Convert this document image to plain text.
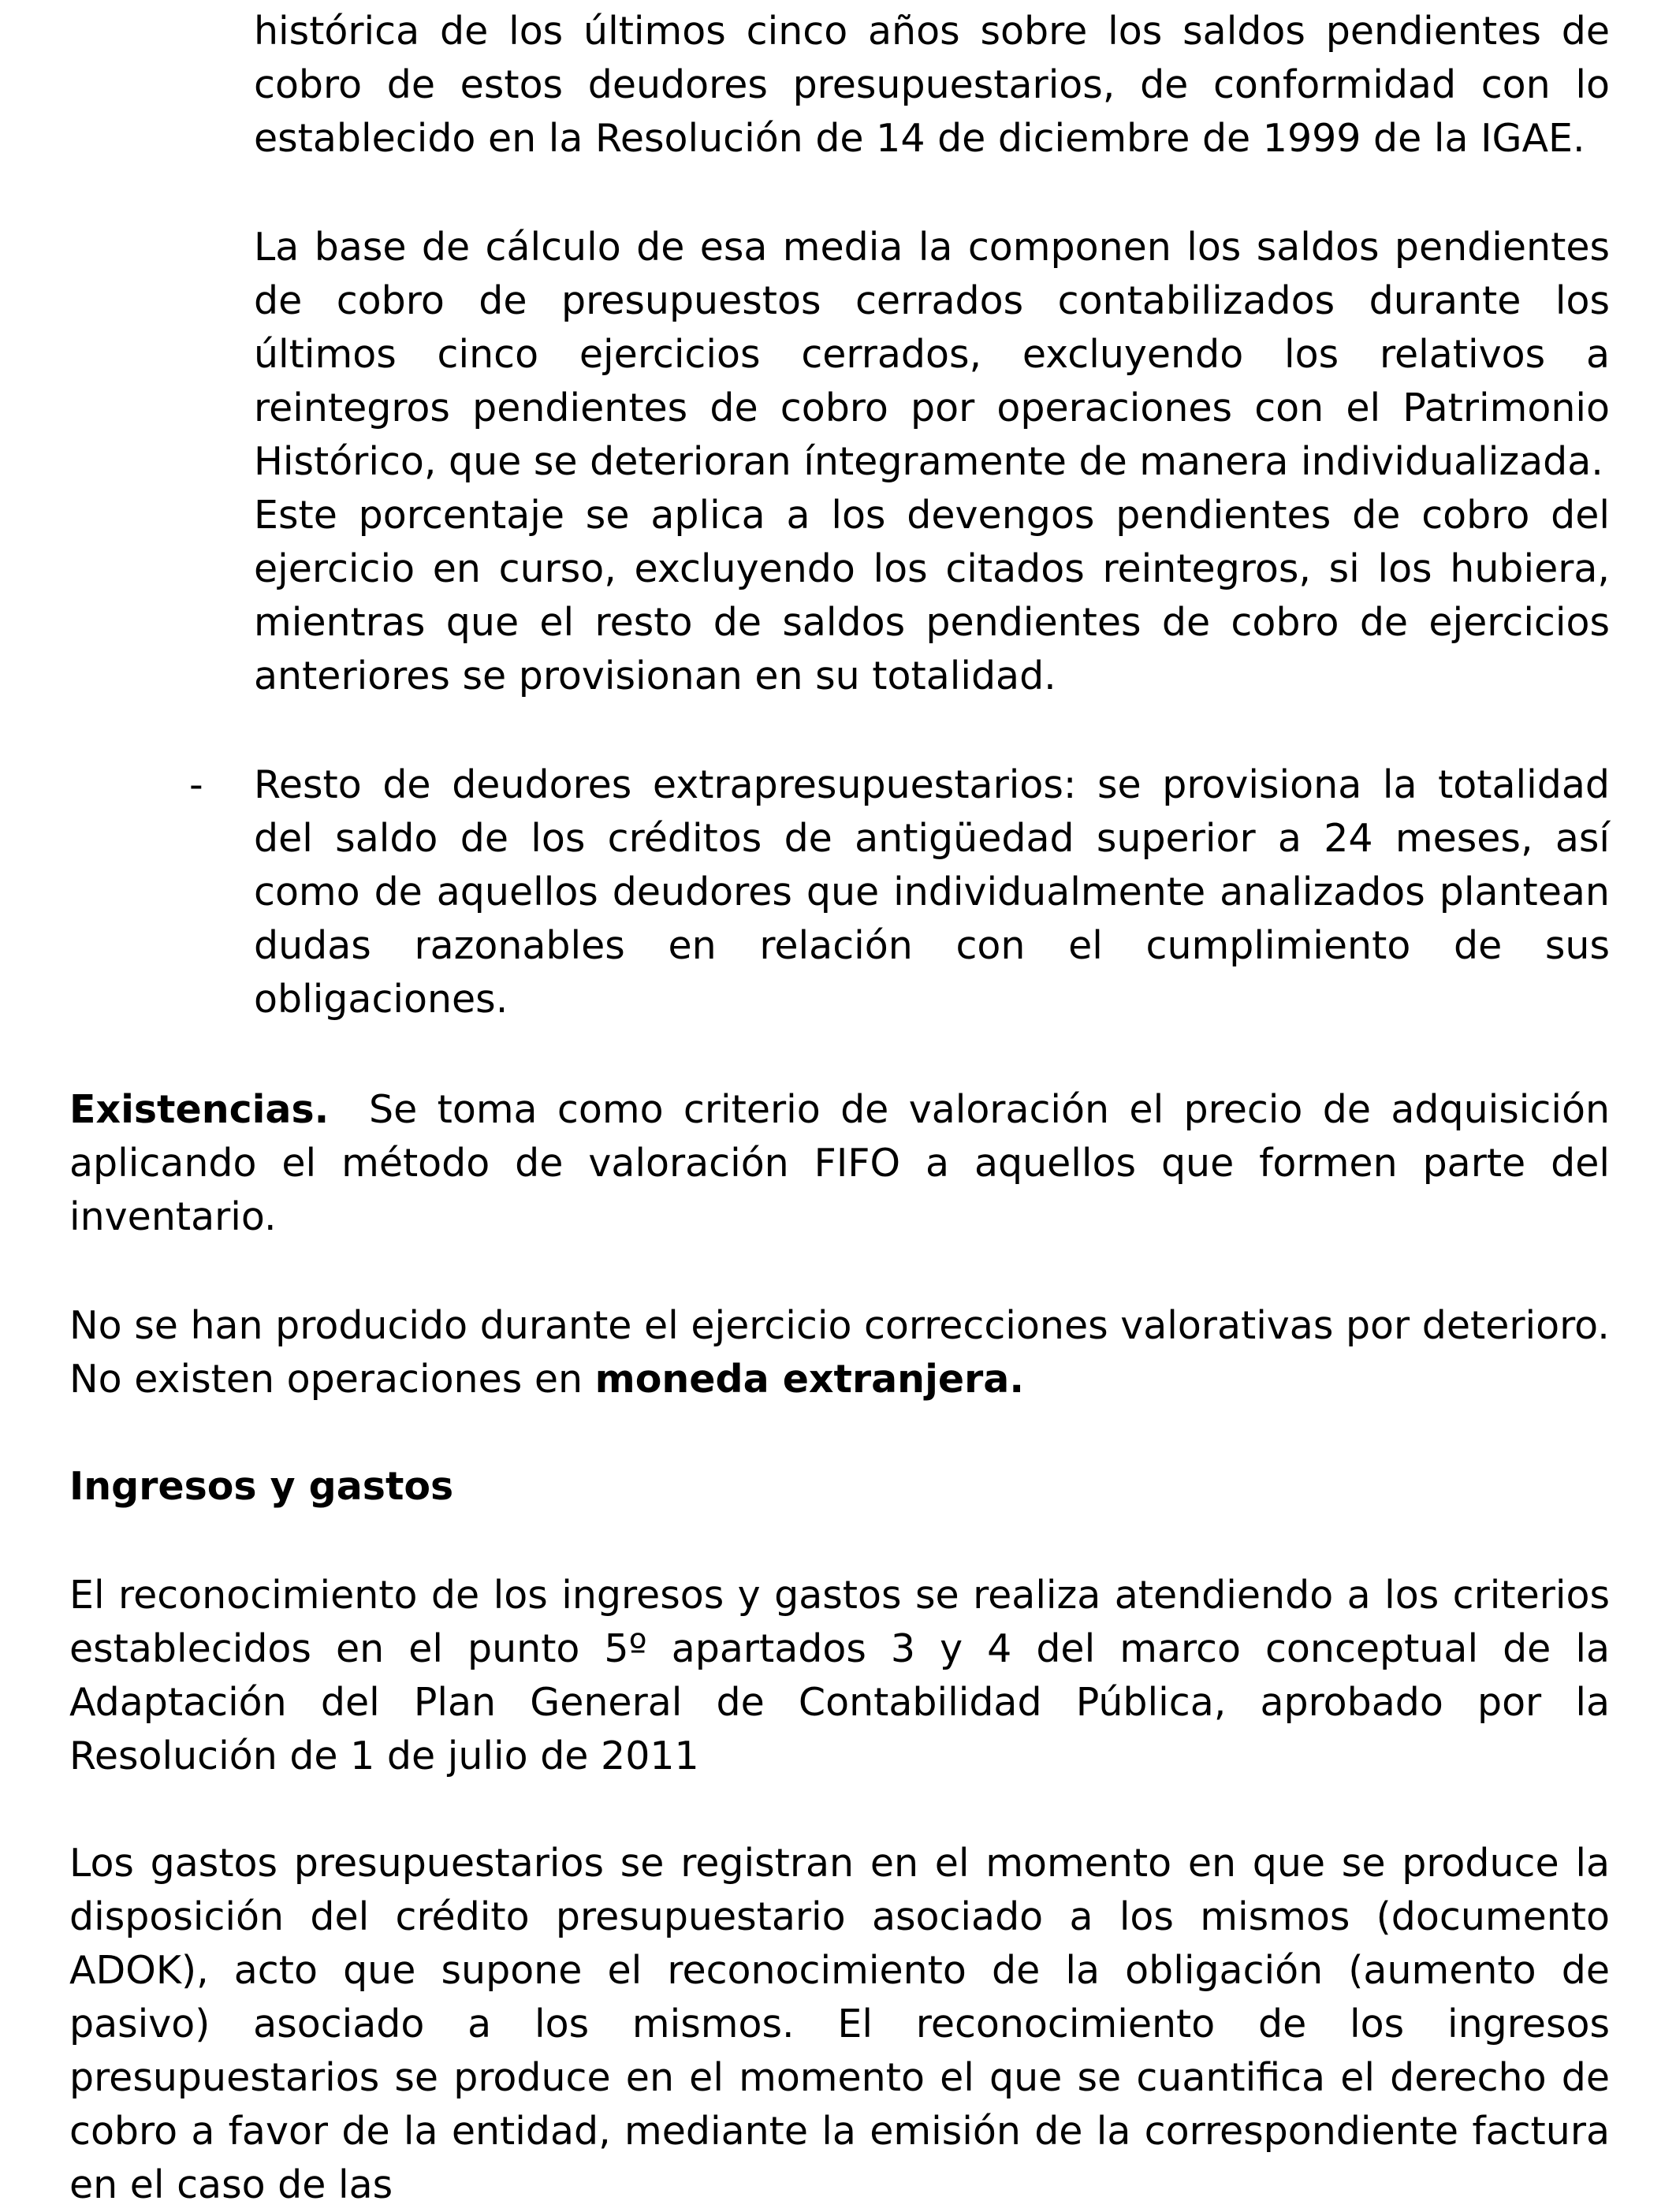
histórica de los últimos cinco años sobre los saldos pendientes de cobro de estos deudores presupuestarios, de conformidad con lo establecido en la Resolución de 14 de diciembre de 1999 de la IGAE.

La base de cálculo de esa media la componen los saldos pendientes de cobro de presupuestos cerrados contabilizados durante los últimos cinco ejercicios cerrados, excluyendo los relativos a reintegros pendientes de cobro por operaciones con el Patrimonio Histórico, que se deterioran íntegramente de manera individualizada.

Este porcentaje se aplica a los devengos pendientes de cobro del ejercicio en curso, excluyendo los citados reintegros, si los hubiera, mientras que el resto de saldos pendientes de cobro de ejercicios anteriores se provisionan en su totalidad.

- Resto de deudores extrapresupuestarios: se provisiona la totalidad del saldo de los créditos de antigüedad superior a 24 meses, así como de aquellos deudores que individualmente analizados plantean dudas razonables en relación con el cumplimiento de sus obligaciones.

Existencias. Se toma como criterio de valoración el precio de adquisición aplicando el método de valoración FIFO a aquellos que formen parte del inventario.

No se han producido durante el ejercicio correcciones valorativas por deterioro.
No existen operaciones en moneda extranjera.

Ingresos y gastos

El reconocimiento de los ingresos y gastos se realiza atendiendo a los criterios establecidos en el punto 5º apartados 3 y 4 del marco conceptual de la Adaptación del Plan General de Contabilidad Pública, aprobado por la Resolución de 1 de julio de 2011

Los gastos presupuestarios se registran en el momento en que se produce la disposición del crédito presupuestario asociado a los mismos (documento ADOK), acto que supone el reconocimiento de la obligación (aumento de pasivo) asociado a los mismos. El reconocimiento de los ingresos presupuestarios se produce en el momento el que se cuantifica el derecho de cobro a favor de la entidad, mediante la emisión de la correspondiente factura en el caso de las
